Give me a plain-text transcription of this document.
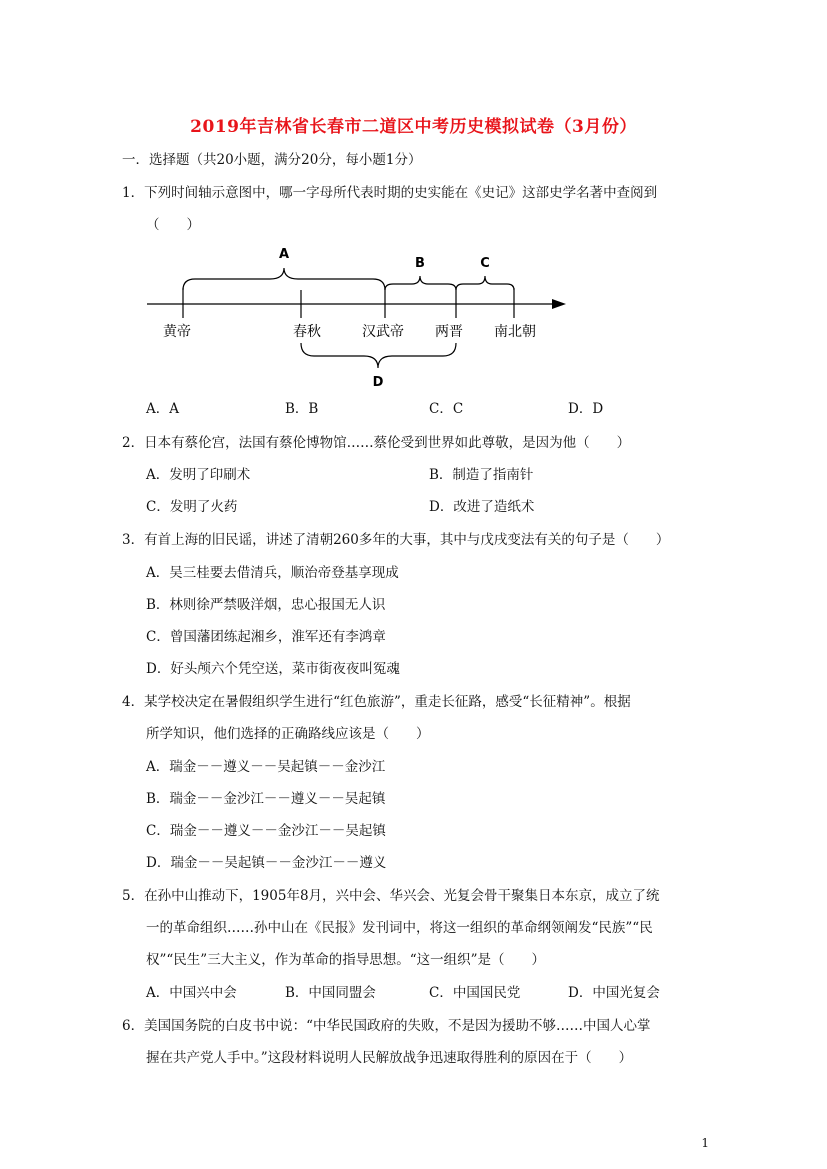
2019年吉林省长春市二道区中考历史模拟试卷（3月份）
一．选择题（共20小题，满分20分，每小题1分）
1．下列时间轴示意图中，哪一字母所代表时期的史实能在《史记》这部史学名著中查阅到
（　　）
A
B	C
D
黄帝	春秋	汉武帝 两晋 南北朝
A．A	B．B	C．C	D．D
2．日本有蔡伦宫，法国有蔡伦博物馆……蔡伦受到世界如此尊敬，是因为他（　　）
A．发明了印刷术	B．制造了指南针
C．发明了火药	D．改进了造纸术
3．有首上海的旧民谣，讲述了清朝260多年的大事，其中与戊戌变法有关的句子是（　　）
A．吴三桂要去借清兵，顺治帝登基享现成
B．林则徐严禁吸洋烟，忠心报国无人识
C．曾国藩团练起湘乡，淮军还有李鸿章
D．好头颅六个凭空送，菜市街夜夜叫冤魂
4．某学校决定在暑假组织学生进行“红色旅游”，重走长征路，感受“长征精神”。根据
所学知识，他们选择的正确路线应该是（　　）
A．瑞金－－遵义－－吴起镇－－金沙江
B．瑞金－－金沙江－－遵义－－吴起镇
C．瑞金－－遵义－－金沙江－－吴起镇
D．瑞金－－吴起镇－－金沙江－－遵义
5．在孙中山推动下，1905年8月，兴中会、华兴会、光复会骨干聚集日本东京，成立了统
一的革命组织……孙中山在《民报》发刊词中，将这一组织的革命纲领阐发“民族”“民
权”“民生”三大主义，作为革命的指导思想。“这一组织”是（　　）
A．中国兴中会	B．中国同盟会	C．中国国民党	D．中国光复会
6．美国国务院的白皮书中说：“中华民国政府的失败，不是因为援助不够……中国人心掌
握在共产党人手中。”这段材料说明人民解放战争迅速取得胜利的原因在于（　　）
1
